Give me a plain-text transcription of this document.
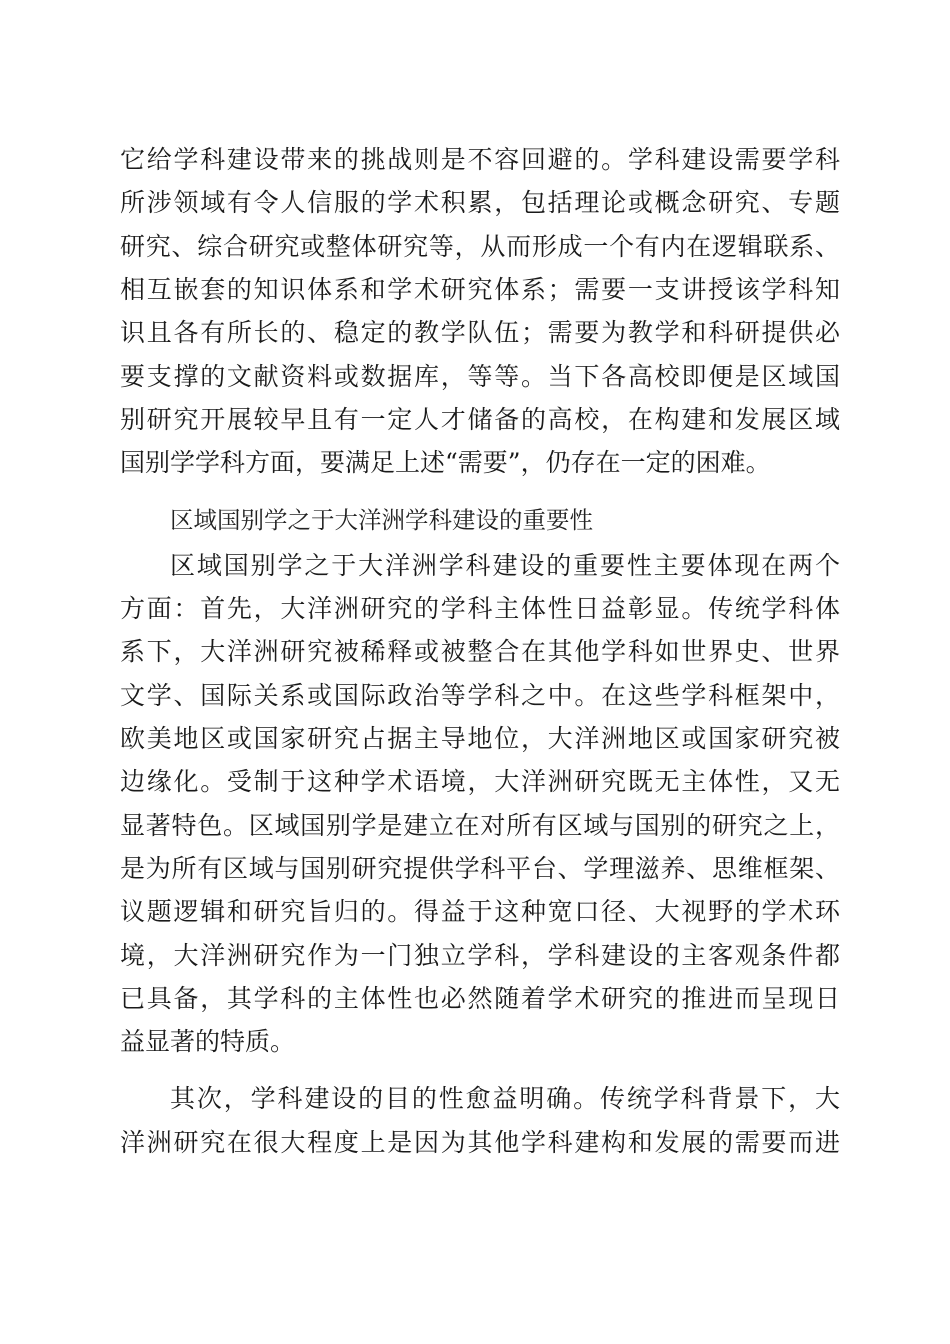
它给学科建设带来的挑战则是不容回避的。学科建设需要学科
所涉领域有令人信服的学术积累，包括理论或概念研究、专题
研究、综合研究或整体研究等，从而形成一个有内在逻辑联系、
相互嵌套的知识体系和学术研究体系；需要一支讲授该学科知
识且各有所长的、稳定的教学队伍；需要为教学和科研提供必
要支撑的文献资料或数据库，等等。当下各高校即便是区域国
别研究开展较早且有一定人才储备的高校，在构建和发展区域
国别学学科方面，要满足上述“需要”，仍存在一定的困难。
区域国别学之于大洋洲学科建设的重要性
区域国别学之于大洋洲学科建设的重要性主要体现在两个
方面：首先，大洋洲研究的学科主体性日益彰显。传统学科体
系下，大洋洲研究被稀释或被整合在其他学科如世界史、世界
文学、国际关系或国际政治等学科之中。在这些学科框架中，
欧美地区或国家研究占据主导地位，大洋洲地区或国家研究被
边缘化。受制于这种学术语境，大洋洲研究既无主体性，又无
显著特色。区域国别学是建立在对所有区域与国别的研究之上，
是为所有区域与国别研究提供学科平台、学理滋养、思维框架、
议题逻辑和研究旨归的。得益于这种宽口径、大视野的学术环
境，大洋洲研究作为一门独立学科，学科建设的主客观条件都
已具备，其学科的主体性也必然随着学术研究的推进而呈现日
益显著的特质。
其次，学科建设的目的性愈益明确。传统学科背景下，大
洋洲研究在很大程度上是因为其他学科建构和发展的需要而进
